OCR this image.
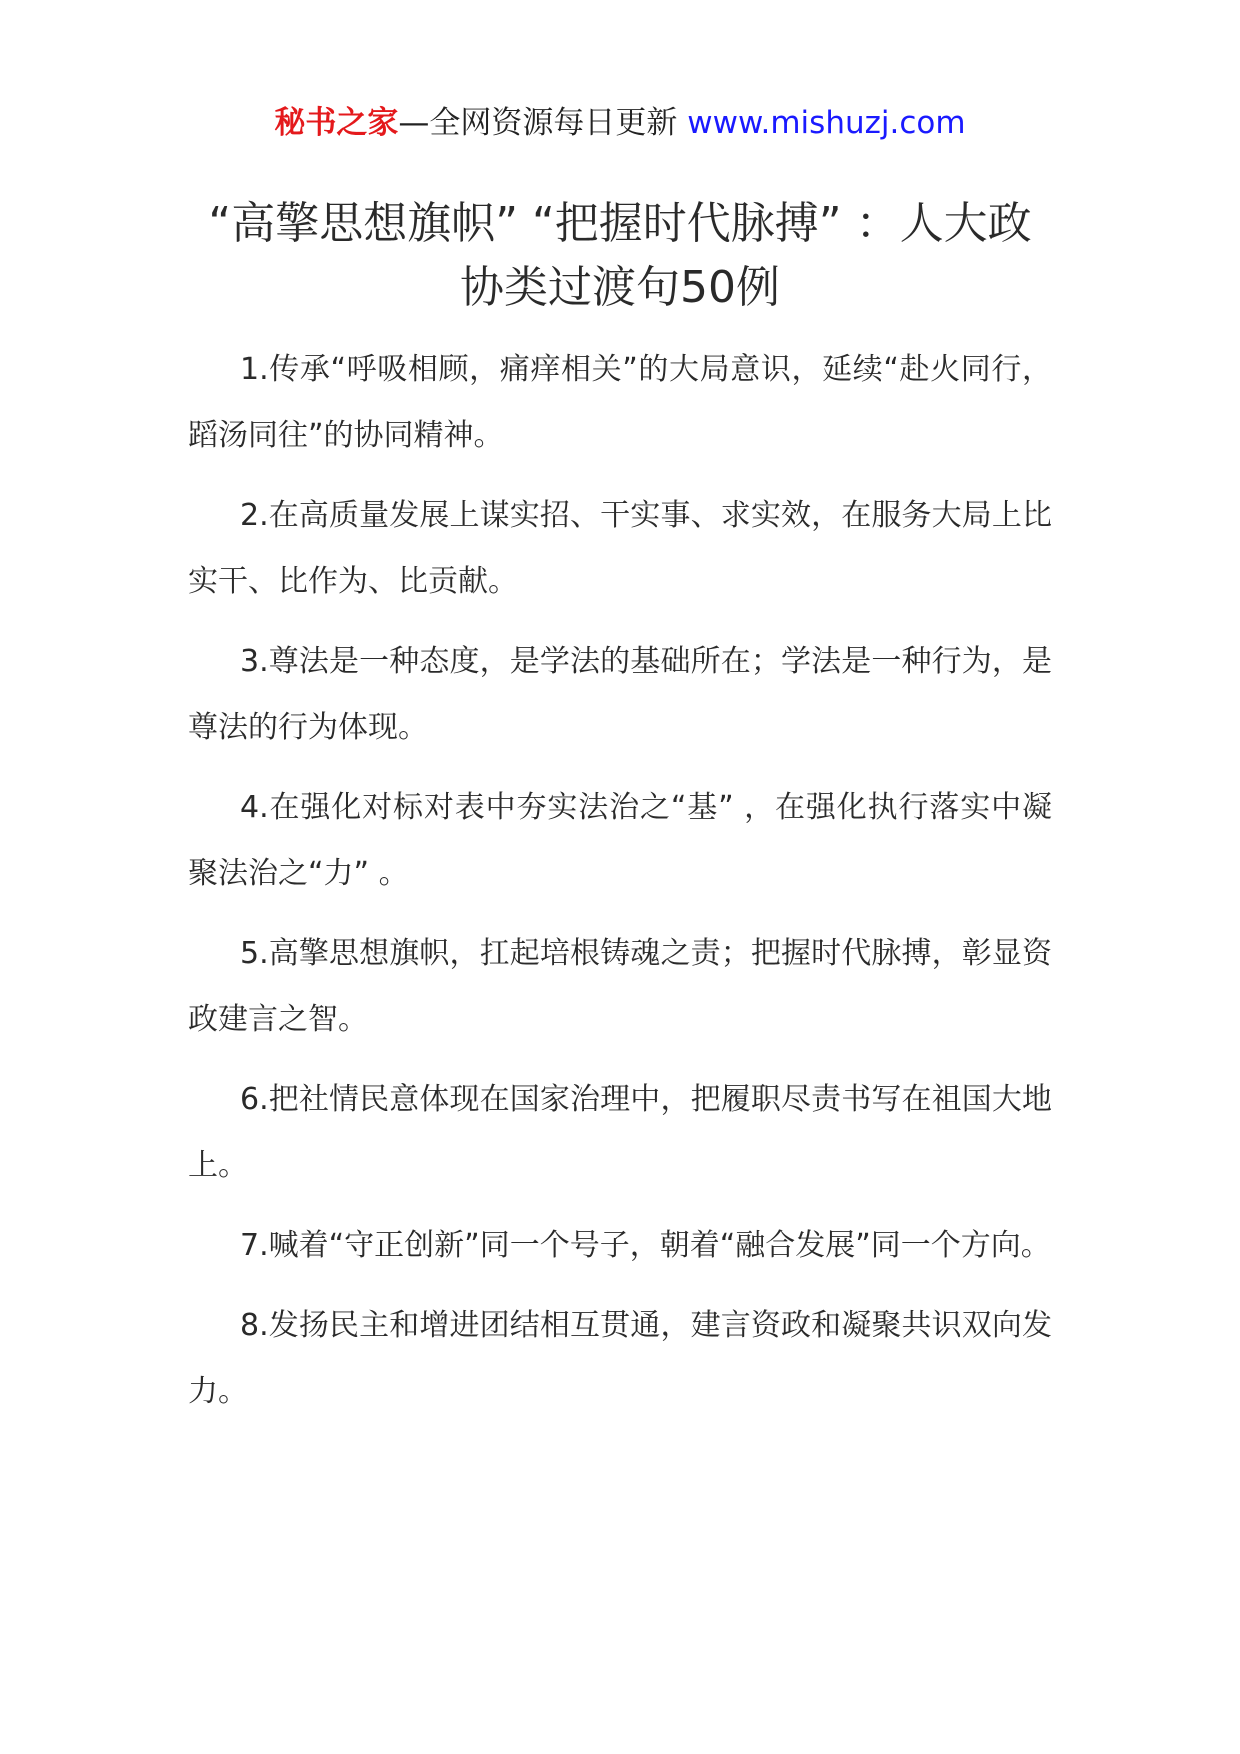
秘书之家—全网资源每日更新 www.mishuzj.com
“高擎思想旗帜” “把握时代脉搏” ：人大政协类过渡句50例

1.传承“呼吸相顾，痛痒相关”的大局意识，延续“赴火同行，蹈汤同往”的协同精神。

2.在高质量发展上谋实招、干实事、求实效，在服务大局上比实干、比作为、比贡献。

3.尊法是一种态度，是学法的基础所在；学法是一种行为，是尊法的行为体现。

4.在强化对标对表中夯实法治之“基” ，在强化执行落实中凝聚法治之“力” 。

5.高擎思想旗帜，扛起培根铸魂之责；把握时代脉搏，彰显资政建言之智。

6.把社情民意体现在国家治理中，把履职尽责书写在祖国大地上。

7.喊着“守正创新”同一个号子，朝着“融合发展”同一个方向。

8.发扬民主和增进团结相互贯通，建言资政和凝聚共识双向发力。
